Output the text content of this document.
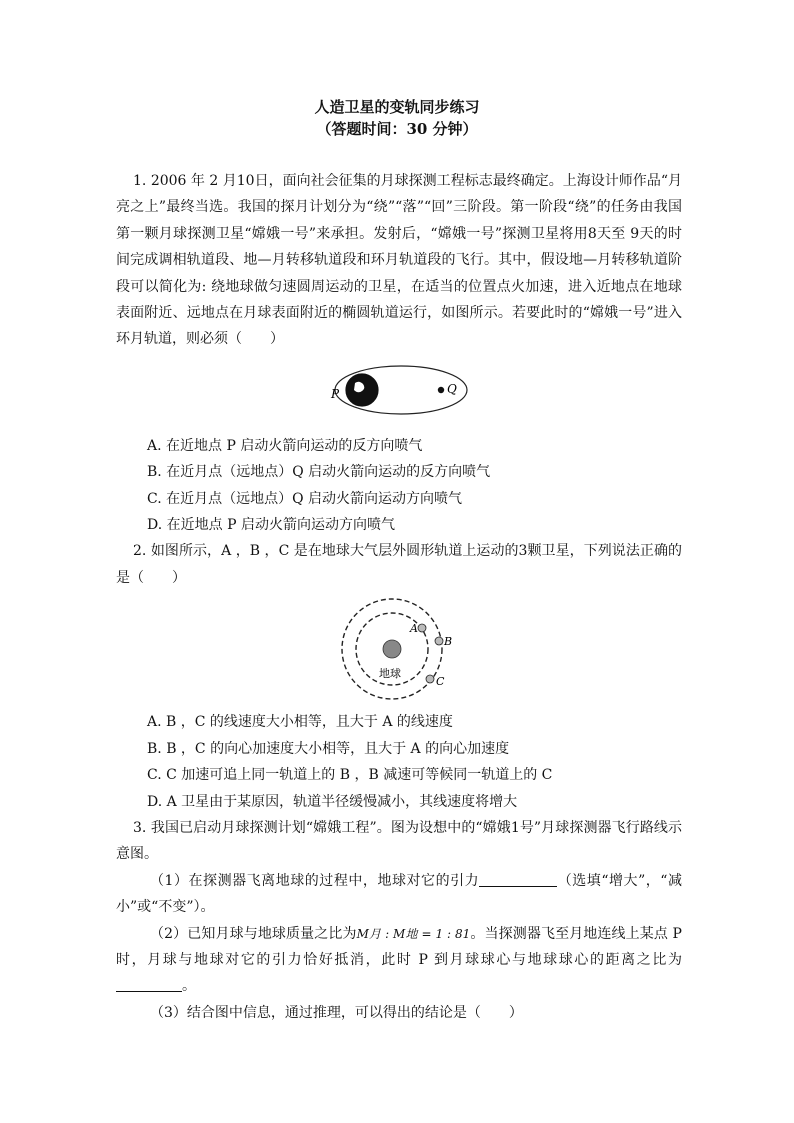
人造卫星的变轨同步练习
（答题时间：30 分钟）

1. 2006 年 2 月10日，面向社会征集的月球探测工程标志最终确定。上海设计师作品“月亮之上”最终当选。我国的探月计划分为“绕”“落”“回”三阶段。第一阶段“绕”的任务由我国第一颗月球探测卫星“嫦娥一号”来承担。发射后，“嫦娥一号”探测卫星将用8天至 9天的时间完成调相轨道段、地—月转移轨道段和环月轨道段的飞行。其中，假设地—月转移轨道阶段可以简化为: 绕地球做匀速圆周运动的卫星，在适当的位置点火加速，进入近地点在地球表面附近、远地点在月球表面附近的椭圆轨道运行，如图所示。若要此时的“嫦娥一号”进入环月轨道，则必须（　　）

P	Q

A. 在近地点 P 启动火箭向运动的反方向喷气

B. 在近月点（远地点）Q 启动火箭向运动的反方向喷气

C. 在近月点（远地点）Q 启动火箭向运动方向喷气

D. 在近地点 P 启动火箭向运动方向喷气

2. 如图所示，A ，B ，C 是在地球大气层外圆形轨道上运动的3颗卫星，下列说法正确的是（　　）

地球
A
B
C

A. B ，C 的线速度大小相等，且大于 A 的线速度

B. B ，C 的向心加速度大小相等，且大于 A 的向心加速度

C. C 加速可追上同一轨道上的 B ，B 减速可等候同一轨道上的 C

D. A 卫星由于某原因，轨道半径缓慢减小，其线速度将增大

3. 我国已启动月球探测计划“嫦娥工程”。图为设想中的“嫦娥1号”月球探测器飞行路线示意图。

（1）在探测器飞离地球的过程中，地球对它的引力	（选填“增大”，“减小”或“不变”）。

（2）已知月球与地球质量之比为M月 : M地 = 1 : 81。当探测器飞至月地连线上某点 P 时，月球与地球对它的引力恰好抵消，此时 P 到月球球心与地球球心的距离之比为。

（3）结合图中信息，通过推理，可以得出的结论是（　　）
